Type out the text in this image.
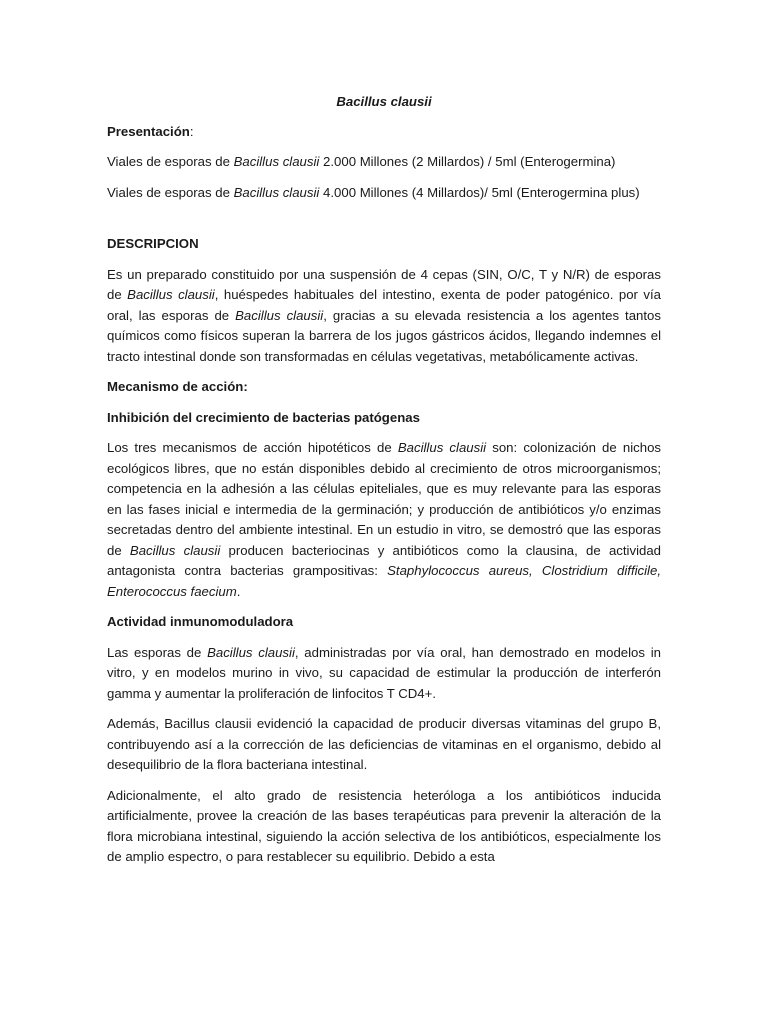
Bacillus clausii

Presentación:

Viales de esporas de Bacillus clausii 2.000 Millones (2 Millardos) / 5ml (Enterogermina)

Viales de esporas de Bacillus clausii 4.000 Millones (4 Millardos)/ 5ml (Enterogermina plus)

DESCRIPCION

Es un preparado constituido por una suspensión de 4 cepas (SIN, O/C, T y N/R) de esporas de Bacillus clausii, huéspedes habituales del intestino, exenta de poder patogénico. por vía oral, las esporas de Bacillus clausii, gracias a su elevada resistencia a los agentes tantos químicos como físicos superan la barrera de los jugos gástricos ácidos, llegando indemnes el tracto intestinal donde son transformadas en células vegetativas, metabólicamente activas.

Mecanismo de acción:

Inhibición del crecimiento de bacterias patógenas

Los tres mecanismos de acción hipotéticos de Bacillus clausii son: colonización de nichos ecológicos libres, que no están disponibles debido al crecimiento de otros microorganismos; competencia en la adhesión a las células epiteliales, que es muy relevante para las esporas en las fases inicial e intermedia de la germinación; y producción de antibióticos y/o enzimas secretadas dentro del ambiente intestinal. En un estudio in vitro, se demostró que las esporas de Bacillus clausii producen bacteriocinas y antibióticos como la clausina, de actividad antagonista contra bacterias grampositivas: Staphylococcus aureus, Clostridium difficile, Enterococcus faecium.

Actividad inmunomoduladora

Las esporas de Bacillus clausii, administradas por vía oral, han demostrado en modelos in vitro, y en modelos murino in vivo, su capacidad de estimular la producción de interferón gamma y aumentar la proliferación de linfocitos T CD4+.

Además, Bacillus clausii evidenció la capacidad de producir diversas vitaminas del grupo B, contribuyendo así a la corrección de las deficiencias de vitaminas en el organismo, debido al desequilibrio de la flora bacteriana intestinal.

Adicionalmente, el alto grado de resistencia heteróloga a los antibióticos inducida artificialmente, provee la creación de las bases terapéuticas para prevenir la alteración de la flora microbiana intestinal, siguiendo la acción selectiva de los antibióticos, especialmente los de amplio espectro, o para restablecer su equilibrio. Debido a esta
